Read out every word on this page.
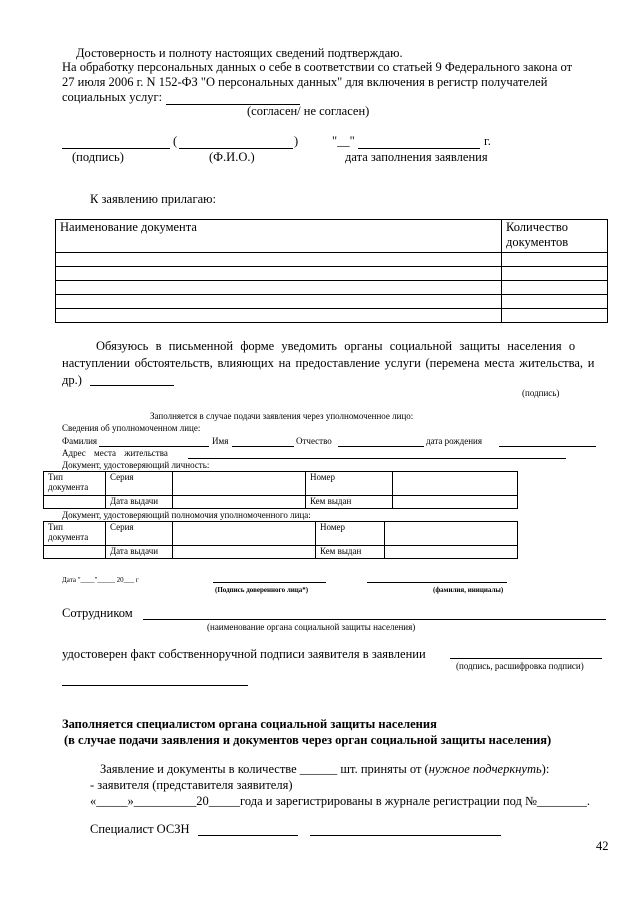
Достоверность и полноту настоящих сведений подтверждаю.
На обработку персональных данных о себе в соответствии со статьей 9 Федерального закона от
27 июля 2006 г. N 152-ФЗ "О персональных данных" для включения в регистр получателей
социальных услуг:
(согласен/ не согласен)
(	)	"__"	г.
(подпись)	(Ф.И.О.)	дата заполнения заявления
К заявлению прилагаю:
Наименование документа	Количество
документов

Обязуюсь в письменной форме уведомить органы социальной защиты населения о
наступлении обстоятельств, влияющих на предоставление услуги (перемена места жительства, и
др.)
(подпись)
Заполняется в случае подачи заявления через уполномоченное лицо:
Сведения об уполномоченном лице:
Фамилия	Имя	Отчество	дата рождения
Адрес места жительства
Документ, удостоверяющий личность:
Тип
документа	Серия		Номер	
	Дата выдачи		Кем выдан	
Документ, удостоверяющий полномочия уполномоченного лица:
Тип
документа	Серия		Номер	
	Дата выдачи		Кем выдан	
Дата "____"_____ 20___ г
(Подпись доверенного лица*)	(фамилия, инициалы)
Сотрудником
(наименование органа социальной защиты населения)
удостоверен факт собственноручной подписи заявителя в заявлении
(подпись, расшифровка подписи)
Заполняется специалистом органа социальной защиты населения
(в случае подачи заявления и документов через орган социальной защиты населения)
Заявление и документы в количестве ______ шт. приняты от (нужное подчеркнуть):
- заявителя (представителя заявителя)
«_____»__________20_____года и зарегистрированы в журнале регистрации под №________.
Специалист ОСЗН
42
